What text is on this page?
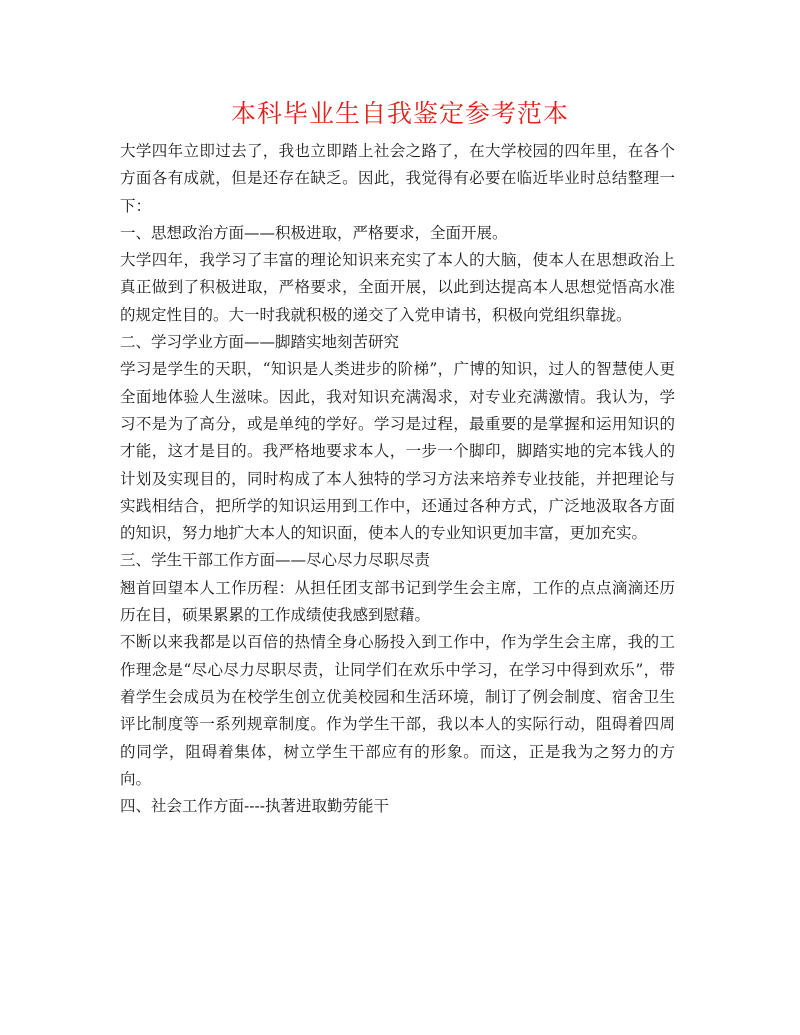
本科毕业生自我鉴定参考范本

大学四年立即过去了，我也立即踏上社会之路了，在大学校园的四年里，在各个方面各有成就，但是还存在缺乏。因此，我觉得有必要在临近毕业时总结整理一下：

一、思想政治方面——积极进取，严格要求，全面开展。

大学四年，我学习了丰富的理论知识来充实了本人的大脑，使本人在思想政治上真正做到了积极进取，严格要求，全面开展，以此到达提高本人思想觉悟高水准的规定性目的。大一时我就积极的递交了入党申请书，积极向党组织靠拢。

二、学习学业方面——脚踏实地刻苦研究

学习是学生的天职，“知识是人类进步的阶梯”，广博的知识，过人的智慧使人更全面地体验人生滋味。因此，我对知识充满渴求，对专业充满激情。我认为，学习不是为了高分，或是单纯的学好。学习是过程，最重要的是掌握和运用知识的才能，这才是目的。我严格地要求本人，一步一个脚印，脚踏实地的完本钱人的计划及实现目的，同时构成了本人独特的学习方法来培养专业技能，并把理论与实践相结合，把所学的知识运用到工作中，还通过各种方式，广泛地汲取各方面的知识，努力地扩大本人的知识面，使本人的专业知识更加丰富，更加充实。

三、学生干部工作方面——尽心尽力尽职尽责

翘首回望本人工作历程：从担任团支部书记到学生会主席，工作的点点滴滴还历历在目，硕果累累的工作成绩使我感到慰藉。

不断以来我都是以百倍的热情全身心肠投入到工作中，作为学生会主席，我的工作理念是“尽心尽力尽职尽责，让同学们在欢乐中学习，在学习中得到欢乐”，带着学生会成员为在校学生创立优美校园和生活环境，制订了例会制度、宿舍卫生评比制度等一系列规章制度。作为学生干部，我以本人的实际行动，阻碍着四周的同学，阻碍着集体，树立学生干部应有的形象。而这，正是我为之努力的方向。

四、社会工作方面----执著进取勤劳能干
